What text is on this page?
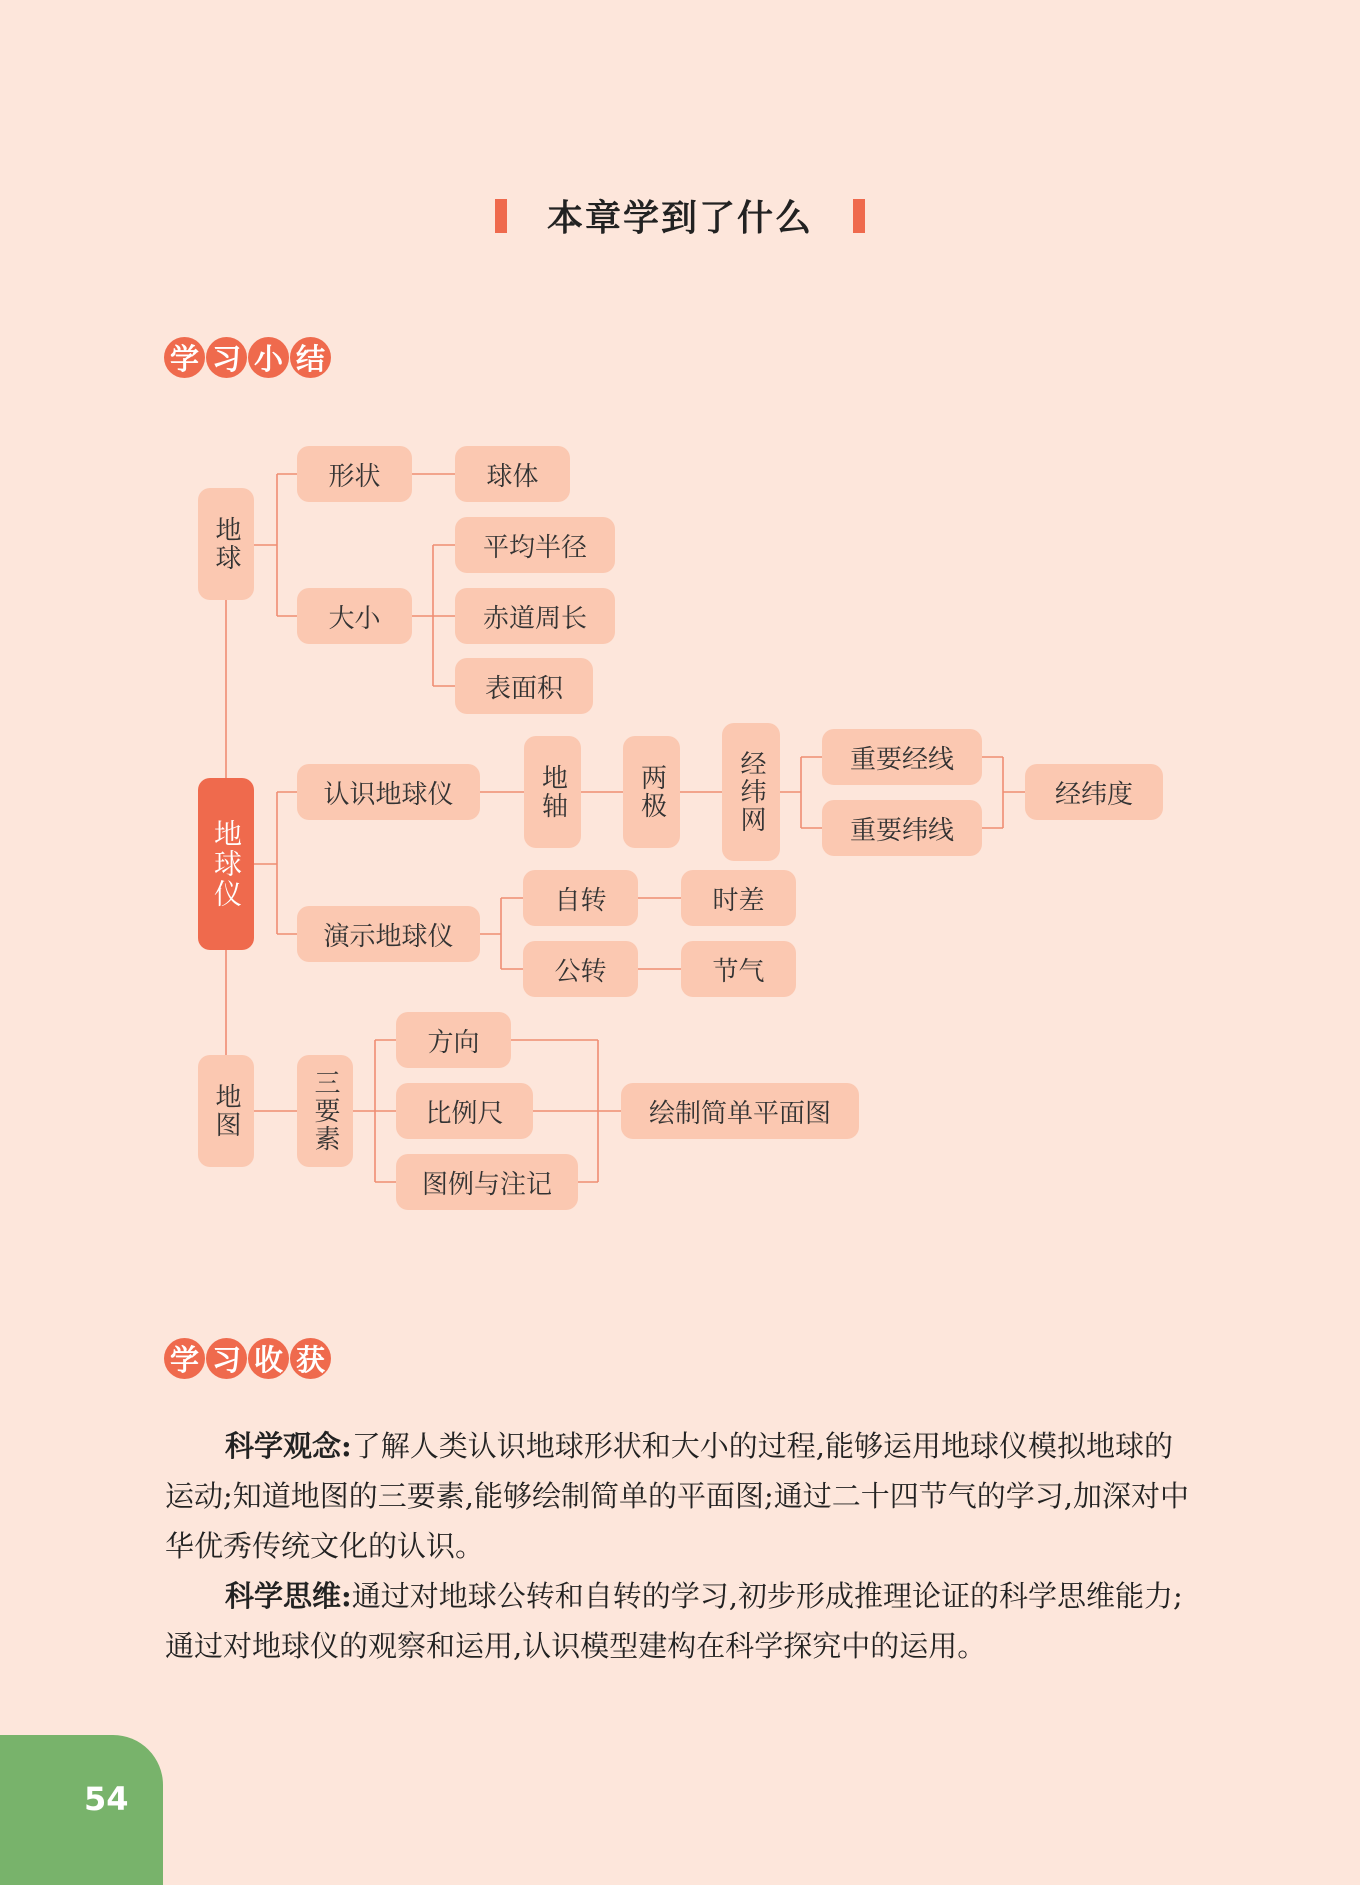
本章学到了什么
学 习 小 结
地球
形状	球体
大小
平均半径
赤道周长
表面积
地球仪
认识地球仪	地轴	两极	经纬网	重要经线
重要纬线
经纬度
演示地球仪
自转	时差
公转	节气
地图	三要素
方向
比例尺
图例与注记
绘制简单平面图
学 习 收 获

科学观念:了解人类认识地球形状和大小的过程,能够运用地球仪模拟地球的运动;知道地图的三要素,能够绘制简单的平面图;通过二十四节气的学习,加深对中华优秀传统文化的认识。

科学思维:通过对地球公转和自转的学习,初步形成推理论证的科学思维能力;通过对地球仪的观察和运用,认识模型建构在科学探究中的运用。

54
